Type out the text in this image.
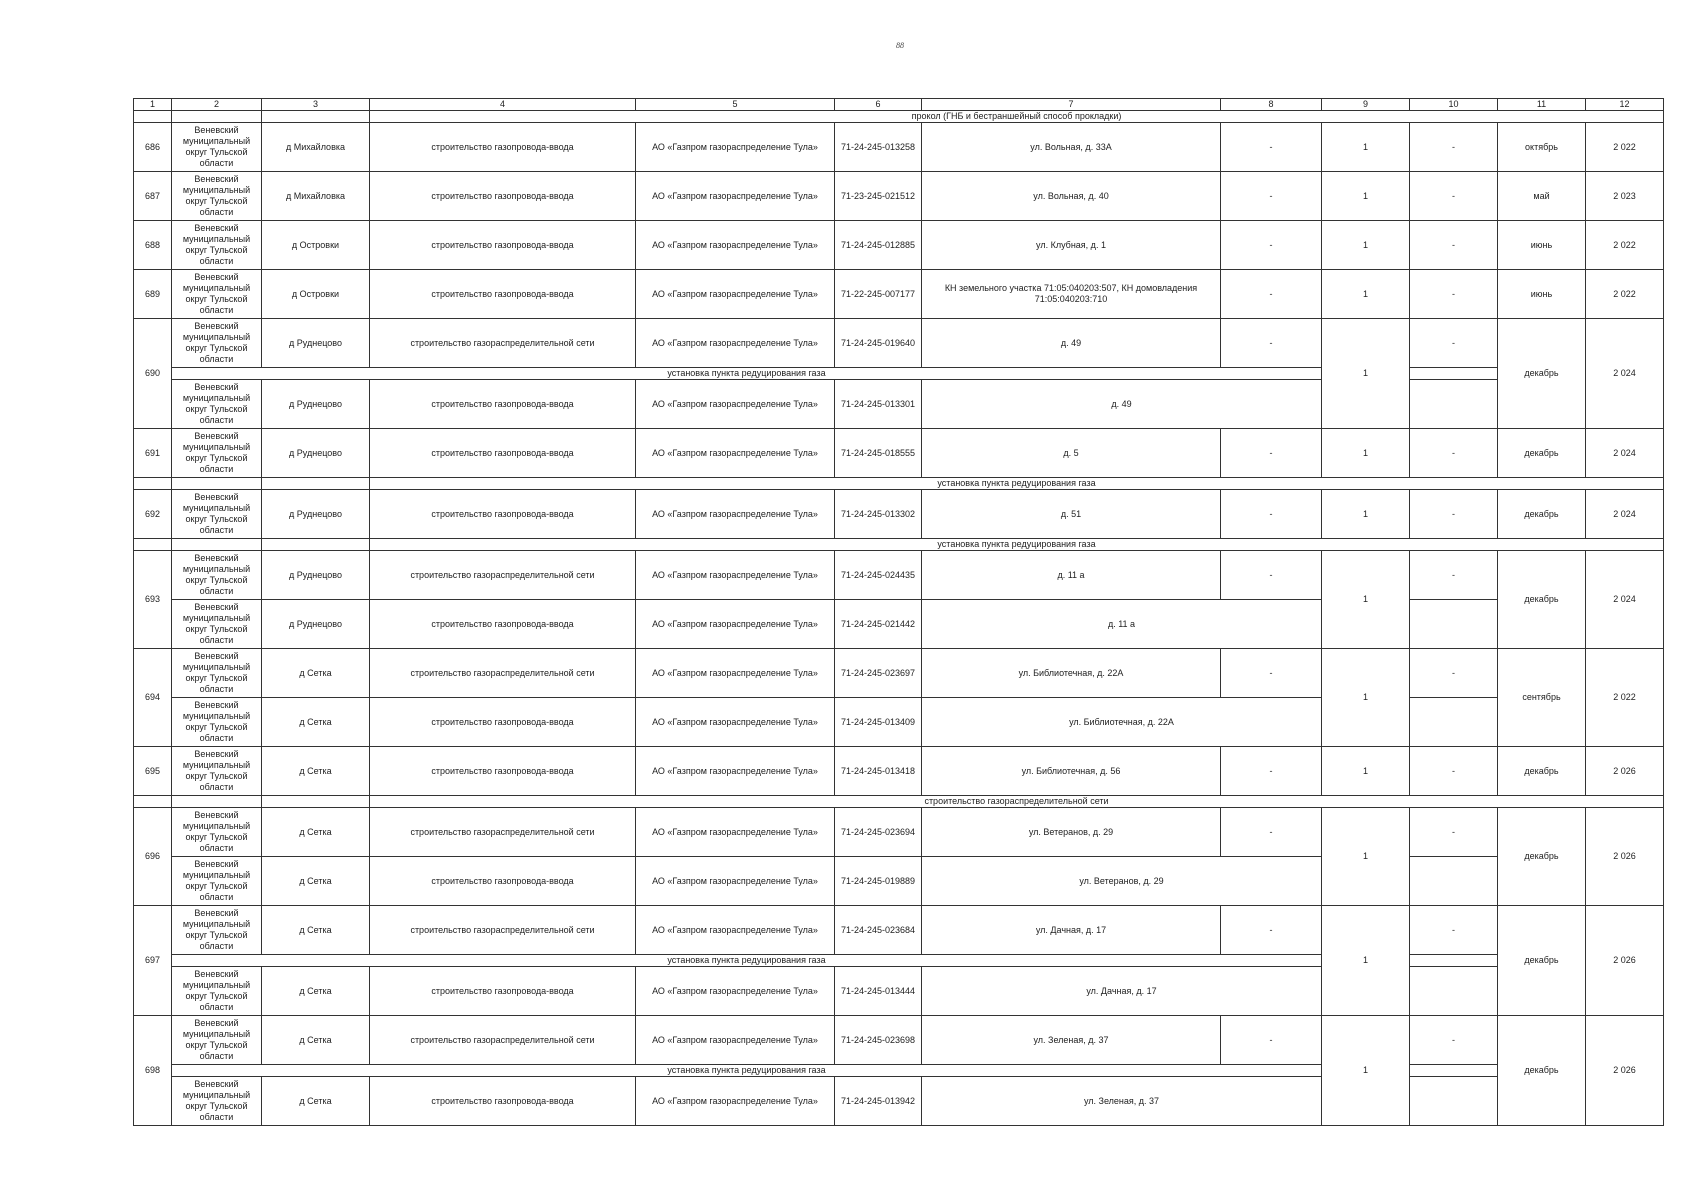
88
1	2	3	4	5	6	7	8	9	10	11	12
			прокол (ГНБ и бестраншейный способ прокладки)								
686	Веневский муниципальный округ Тульской области	д Михайловка	строительство газопровода-ввода	АО «Газпром газораспределение Тула»	71-24-245-013258	ул. Вольная, д. 33А	-	1	-	октябрь	2 022
687	Веневский муниципальный округ Тульской области	д Михайловка	строительство газопровода-ввода	АО «Газпром газораспределение Тула»	71-23-245-021512	ул. Вольная, д. 40	-	1	-	май	2 023
688	Веневский муниципальный округ Тульской области	д Островки	строительство газопровода-ввода	АО «Газпром газораспределение Тула»	71-24-245-012885	ул. Клубная, д. 1	-	1	-	июнь	2 022
689	Веневский муниципальный округ Тульской области	д Островки	строительство газопровода-ввода	АО «Газпром газораспределение Тула»	71-22-245-007177	КН земельного участка 71:05:040203:507, КН домовладения 71:05:040203:710	-	1	-	июнь	2 022
690	Веневский муниципальный округ Тульской области	д Руднецово	строительство газораспределительной сети	АО «Газпром газораспределение Тула»	71-24-245-019640	д. 49	-	1	-	декабрь	2 024
	установка пункта редуцирования газа										
	Веневский муниципальный округ Тульской области	д Руднецово	строительство газопровода-ввода	АО «Газпром газораспределение Тула»	71-24-245-013301	д. 49					
691	Веневский муниципальный округ Тульской области	д Руднецово	строительство газопровода-ввода	АО «Газпром газораспределение Тула»	71-24-245-018555	д. 5	-	1	-	декабрь	2 024
			установка пункта редуцирования газа								
692	Веневский муниципальный округ Тульской области	д Руднецово	строительство газопровода-ввода	АО «Газпром газораспределение Тула»	71-24-245-013302	д. 51	-	1	-	декабрь	2 024
			установка пункта редуцирования газа								
693	Веневский муниципальный округ Тульской области	д Руднецово	строительство газораспределительной сети	АО «Газпром газораспределение Тула»	71-24-245-024435	д. 11 а	-	1	-	декабрь	2 024
	Веневский муниципальный округ Тульской области	д Руднецово	строительство газопровода-ввода	АО «Газпром газораспределение Тула»	71-24-245-021442	д. 11 а					
694	Веневский муниципальный округ Тульской области	д Сетка	строительство газораспределительной сети	АО «Газпром газораспределение Тула»	71-24-245-023697	ул. Библиотечная, д. 22А	-	1	-	сентябрь	2 022
	Веневский муниципальный округ Тульской области	д Сетка	строительство газопровода-ввода	АО «Газпром газораспределение Тула»	71-24-245-013409	ул. Библиотечная, д. 22А					
695	Веневский муниципальный округ Тульской области	д Сетка	строительство газопровода-ввода	АО «Газпром газораспределение Тула»	71-24-245-013418	ул. Библиотечная, д. 56	-	1	-	декабрь	2 026
			строительство газораспределительной сети								
696	Веневский муниципальный округ Тульской области	д Сетка	строительство газораспределительной сети	АО «Газпром газораспределение Тула»	71-24-245-023694	ул. Ветеранов, д. 29	-	1	-	декабрь	2 026
	Веневский муниципальный округ Тульской области	д Сетка	строительство газопровода-ввода	АО «Газпром газораспределение Тула»	71-24-245-019889	ул. Ветеранов, д. 29					
697	Веневский муниципальный округ Тульской области	д Сетка	строительство газораспределительной сети	АО «Газпром газораспределение Тула»	71-24-245-023684	ул. Дачная, д. 17	-	1	-	декабрь	2 026
	установка пункта редуцирования газа										
	Веневский муниципальный округ Тульской области	д Сетка	строительство газопровода-ввода	АО «Газпром газораспределение Тула»	71-24-245-013444	ул. Дачная, д. 17					
698	Веневский муниципальный округ Тульской области	д Сетка	строительство газораспределительной сети	АО «Газпром газораспределение Тула»	71-24-245-023698	ул. Зеленая, д. 37	-	1	-	декабрь	2 026
	установка пункта редуцирования газа										
	Веневский муниципальный округ Тульской области	д Сетка	строительство газопровода-ввода	АО «Газпром газораспределение Тула»	71-24-245-013942	ул. Зеленая, д. 37					
